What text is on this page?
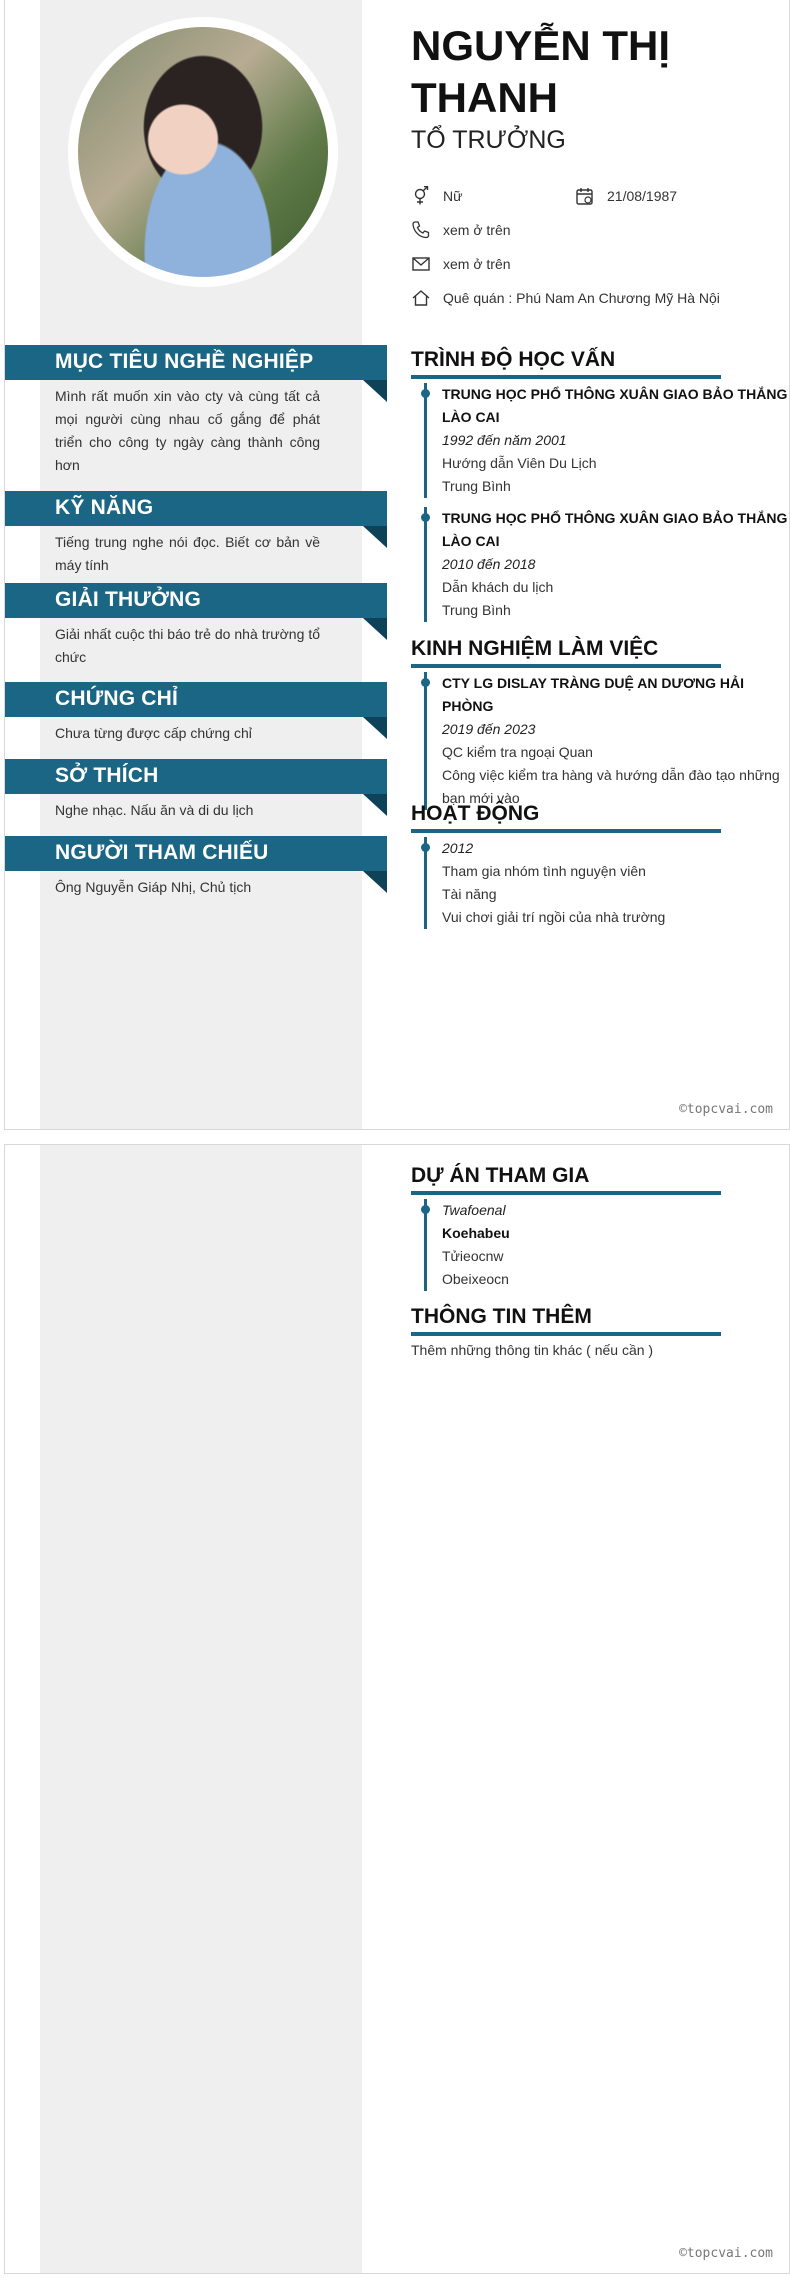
NGUYỄN THỊ THANH
TỔ TRƯỞNG
Nữ	21/08/1987
xem ở trên
xem ở trên
Quê quán : Phú Nam An Chương Mỹ Hà Nội
MỤC TIÊU NGHỀ NGHIỆP
Mình rất muốn xin vào cty và cùng tất cả mọi người cùng nhau cố gắng để phát triển cho công ty ngày càng thành công hơn
KỸ NĂNG
Tiếng trung nghe nói đọc. Biết cơ bản về máy tính
GIẢI THƯỞNG
Giải nhất cuộc thi báo trẻ do nhà trường tổ chức
CHỨNG CHỈ
Chưa từng được cấp chứng chỉ
SỞ THÍCH
Nghe nhạc. Nấu ăn và di du lịch
NGƯỜI THAM CHIẾU
Ông Nguyễn Giáp Nhị, Chủ tịch
TRÌNH ĐỘ HỌC VẤN
TRUNG HỌC PHỔ THÔNG XUÂN GIAO BẢO THẮNG LÀO CAI
1992 đến năm 2001
Hướng dẫn Viên Du Lịch
Trung Bình
TRUNG HỌC PHỔ THÔNG XUÂN GIAO BẢO THẮNG LÀO CAI
2010 đến 2018
Dẫn khách du lịch
Trung Bình
KINH NGHIỆM LÀM VIỆC
CTY LG DISLAY TRÀNG DUỆ AN DƯƠNG HẢI PHÒNG
2019 đến 2023
QC kiểm tra ngoại Quan
Công việc kiểm tra hàng và hướng dẫn đào tạo những bạn mới vào
HOẠT ĐỘNG
2012
Tham gia nhóm tình nguyện viên
Tài năng
Vui chơi giải trí ngồi của nhà trường
©topcvai.com
DỰ ÁN THAM GIA
Twafoenal
Koehabeu
Tửieocnw
Obeixeocn
THÔNG TIN THÊM
Thêm những thông tin khác ( nếu cần )
©topcvai.com
